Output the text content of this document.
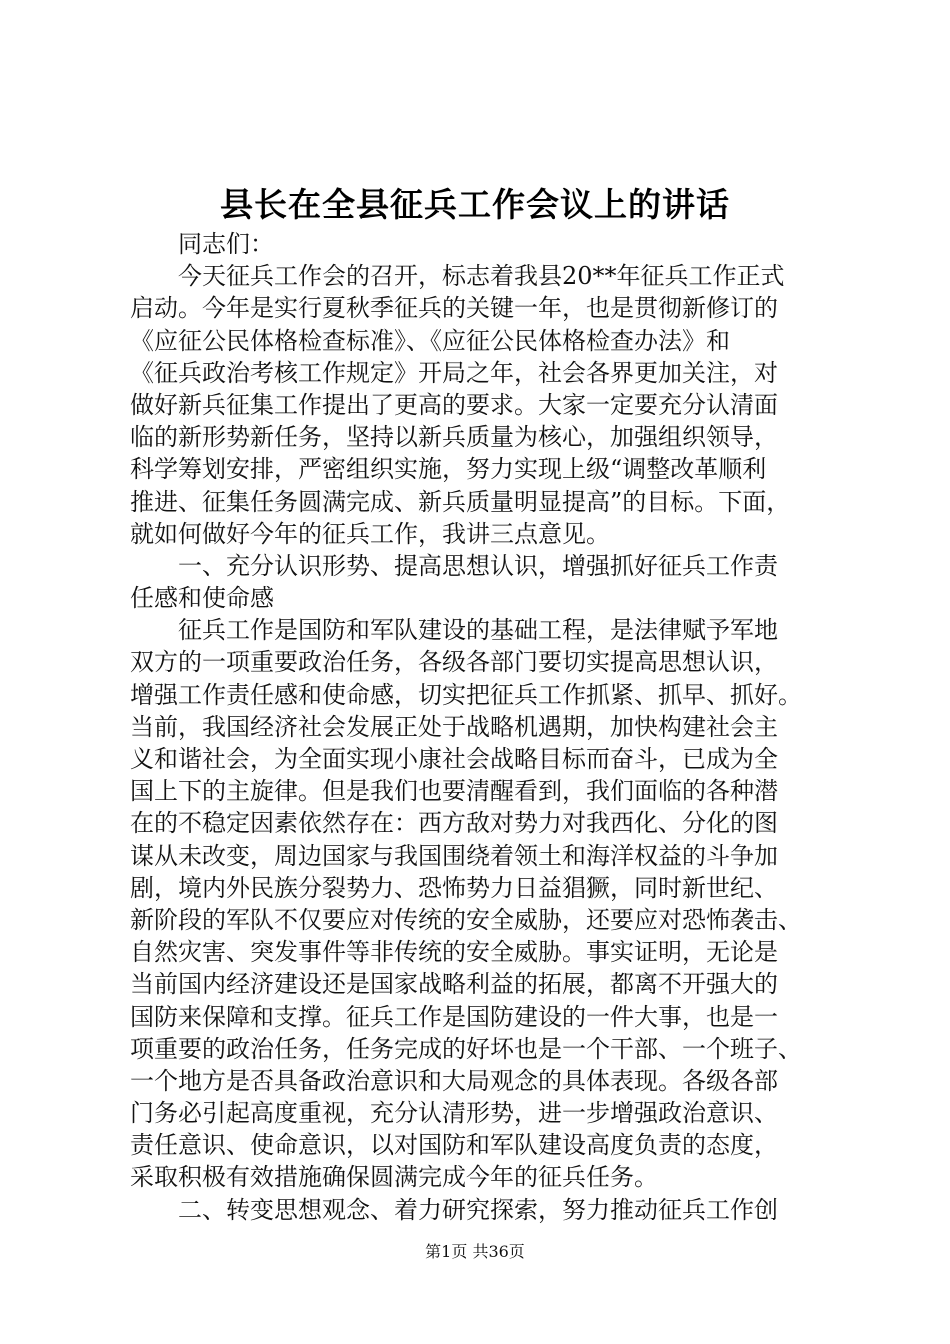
县长在全县征兵工作会议上的讲话
同志们：
今天征兵工作会的召开，标志着我县20**年征兵工作正式
启动。今年是实行夏秋季征兵的关键一年，也是贯彻新修订的
《应征公民体格检查标准》、《应征公民体格检查办法》和
《征兵政治考核工作规定》开局之年，社会各界更加关注，对
做好新兵征集工作提出了更高的要求。大家一定要充分认清面
临的新形势新任务，坚持以新兵质量为核心，加强组织领导，
科学筹划安排，严密组织实施，努力实现上级“调整改革顺利
推进、征集任务圆满完成、新兵质量明显提高”的目标。下面，
就如何做好今年的征兵工作，我讲三点意见。
一、充分认识形势、提高思想认识，增强抓好征兵工作责
任感和使命感
征兵工作是国防和军队建设的基础工程，是法律赋予军地
双方的一项重要政治任务，各级各部门要切实提高思想认识，
增强工作责任感和使命感，切实把征兵工作抓紧、抓早、抓好。
当前，我国经济社会发展正处于战略机遇期，加快构建社会主
义和谐社会，为全面实现小康社会战略目标而奋斗，已成为全
国上下的主旋律。但是我们也要清醒看到，我们面临的各种潜
在的不稳定因素依然存在：西方敌对势力对我西化、分化的图
谋从未改变，周边国家与我国围绕着领土和海洋权益的斗争加
剧，境内外民族分裂势力、恐怖势力日益猖獗，同时新世纪、
新阶段的军队不仅要应对传统的安全威胁，还要应对恐怖袭击、
自然灾害、突发事件等非传统的安全威胁。事实证明，无论是
当前国内经济建设还是国家战略利益的拓展，都离不开强大的
国防来保障和支撑。征兵工作是国防建设的一件大事，也是一
项重要的政治任务，任务完成的好坏也是一个干部、一个班子、
一个地方是否具备政治意识和大局观念的具体表现。各级各部
门务必引起高度重视，充分认清形势，进一步增强政治意识、
责任意识、使命意识，以对国防和军队建设高度负责的态度，
采取积极有效措施确保圆满完成今年的征兵任务。
二、转变思想观念、着力研究探索，努力推动征兵工作创
第1页 共36页
